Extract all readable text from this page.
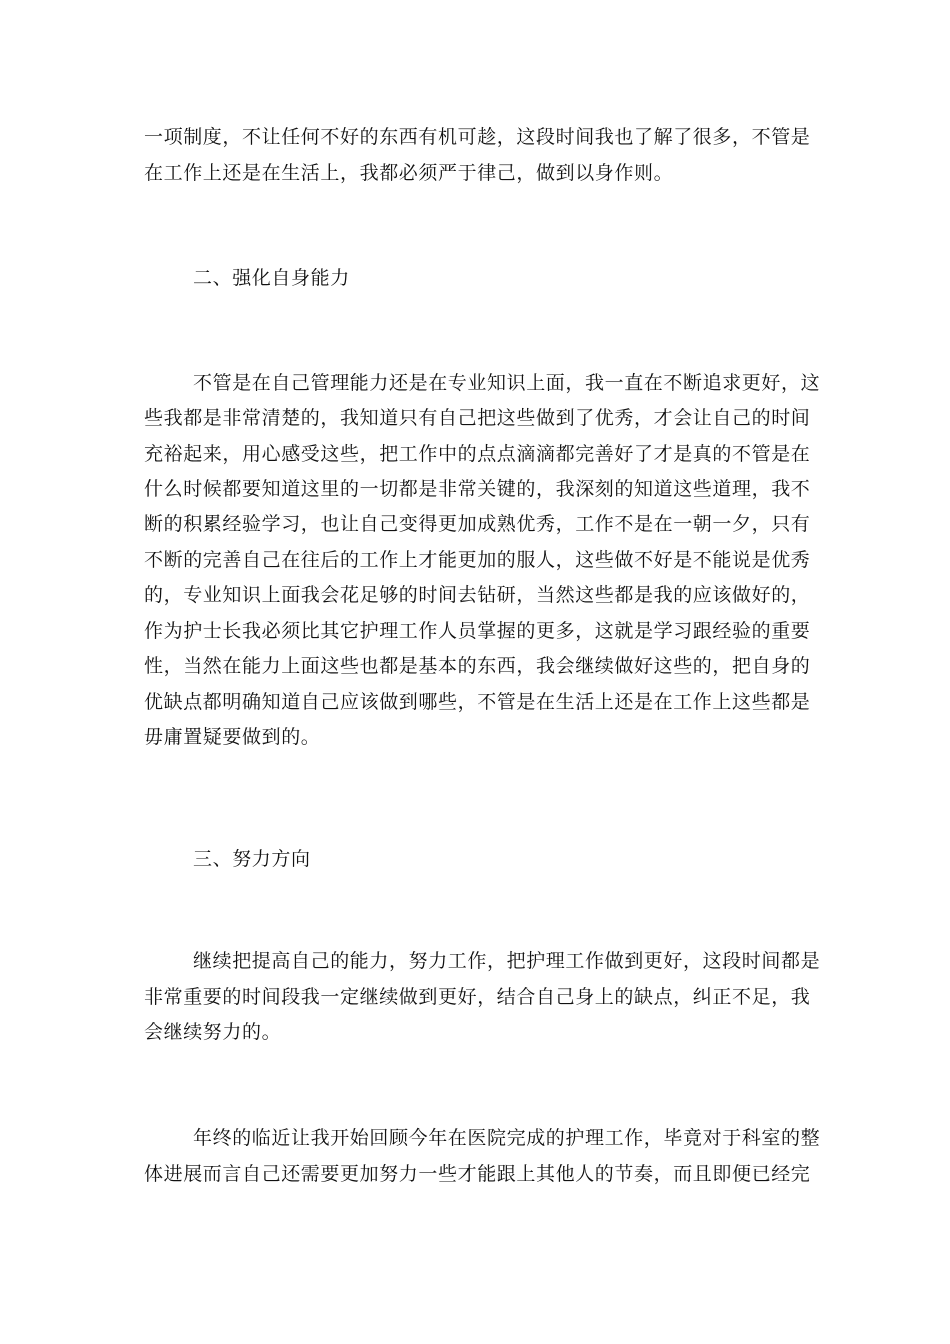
一项制度，不让任何不好的东西有机可趁，这段时间我也了解了很多，不管是
在工作上还是在生活上，我都必须严于律己，做到以身作则。
二、强化自身能力
不管是在自己管理能力还是在专业知识上面，我一直在不断追求更好，这
些我都是非常清楚的，我知道只有自己把这些做到了优秀，才会让自己的时间
充裕起来，用心感受这些，把工作中的点点滴滴都完善好了才是真的不管是在
什么时候都要知道这里的一切都是非常关键的，我深刻的知道这些道理，我不
断的积累经验学习，也让自己变得更加成熟优秀，工作不是在一朝一夕，只有
不断的完善自己在往后的工作上才能更加的服人，这些做不好是不能说是优秀
的，专业知识上面我会花足够的时间去钻研，当然这些都是我的应该做好的，
作为护士长我必须比其它护理工作人员掌握的更多，这就是学习跟经验的重要
性，当然在能力上面这些也都是基本的东西，我会继续做好这些的，把自身的
优缺点都明确知道自己应该做到哪些，不管是在生活上还是在工作上这些都是
毋庸置疑要做到的。
三、努力方向
继续把提高自己的能力，努力工作，把护理工作做到更好，这段时间都是
非常重要的时间段我一定继续做到更好，结合自己身上的缺点，纠正不足，我
会继续努力的。
年终的临近让我开始回顾今年在医院完成的护理工作，毕竟对于科室的整
体进展而言自己还需要更加努力一些才能跟上其他人的节奏，而且即便已经完
